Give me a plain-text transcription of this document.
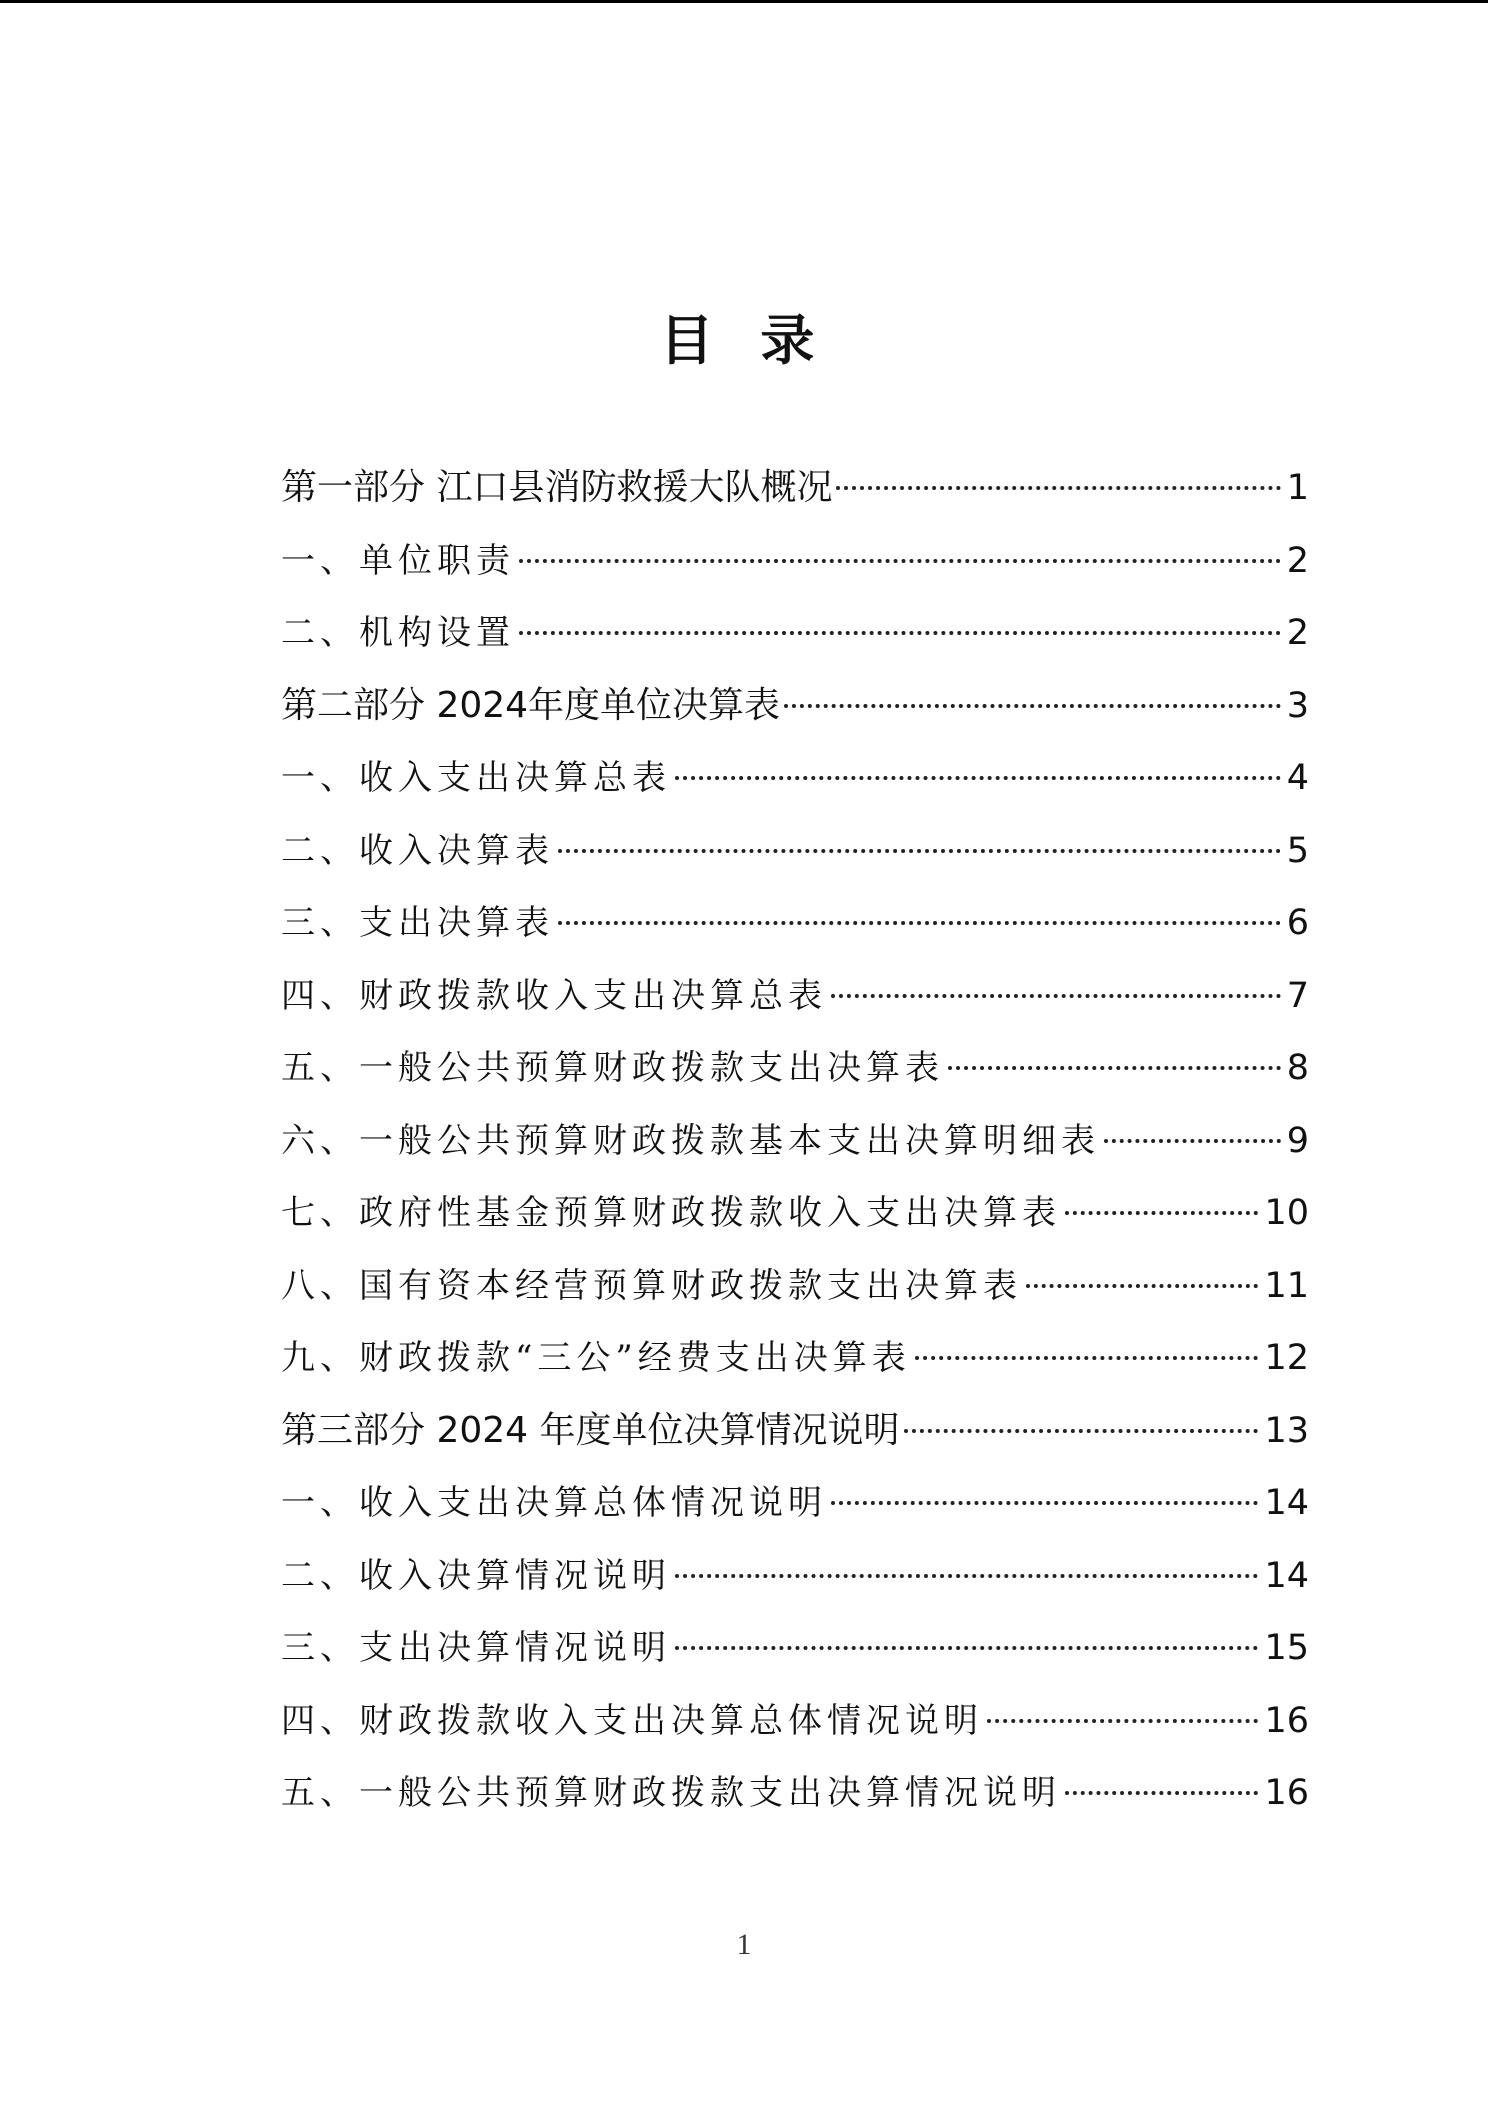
目 录
第一部分 江口县消防救援大队概况	1
一、单位职责	2
二、机构设置	2
第二部分 2024年度单位决算表	3
一、收入支出决算总表	4
二、收入决算表	5
三、支出决算表	6
四、财政拨款收入支出决算总表	7
五、一般公共预算财政拨款支出决算表	8
六、一般公共预算财政拨款基本支出决算明细表	9
七、政府性基金预算财政拨款收入支出决算表	10
八、国有资本经营预算财政拨款支出决算表	11
九、财政拨款“三公”经费支出决算表	12
第三部分 2024 年度单位决算情况说明	13
一、收入支出决算总体情况说明	14
二、收入决算情况说明	14
三、支出决算情况说明	15
四、财政拨款收入支出决算总体情况说明	16
五、一般公共预算财政拨款支出决算情况说明	16
1
